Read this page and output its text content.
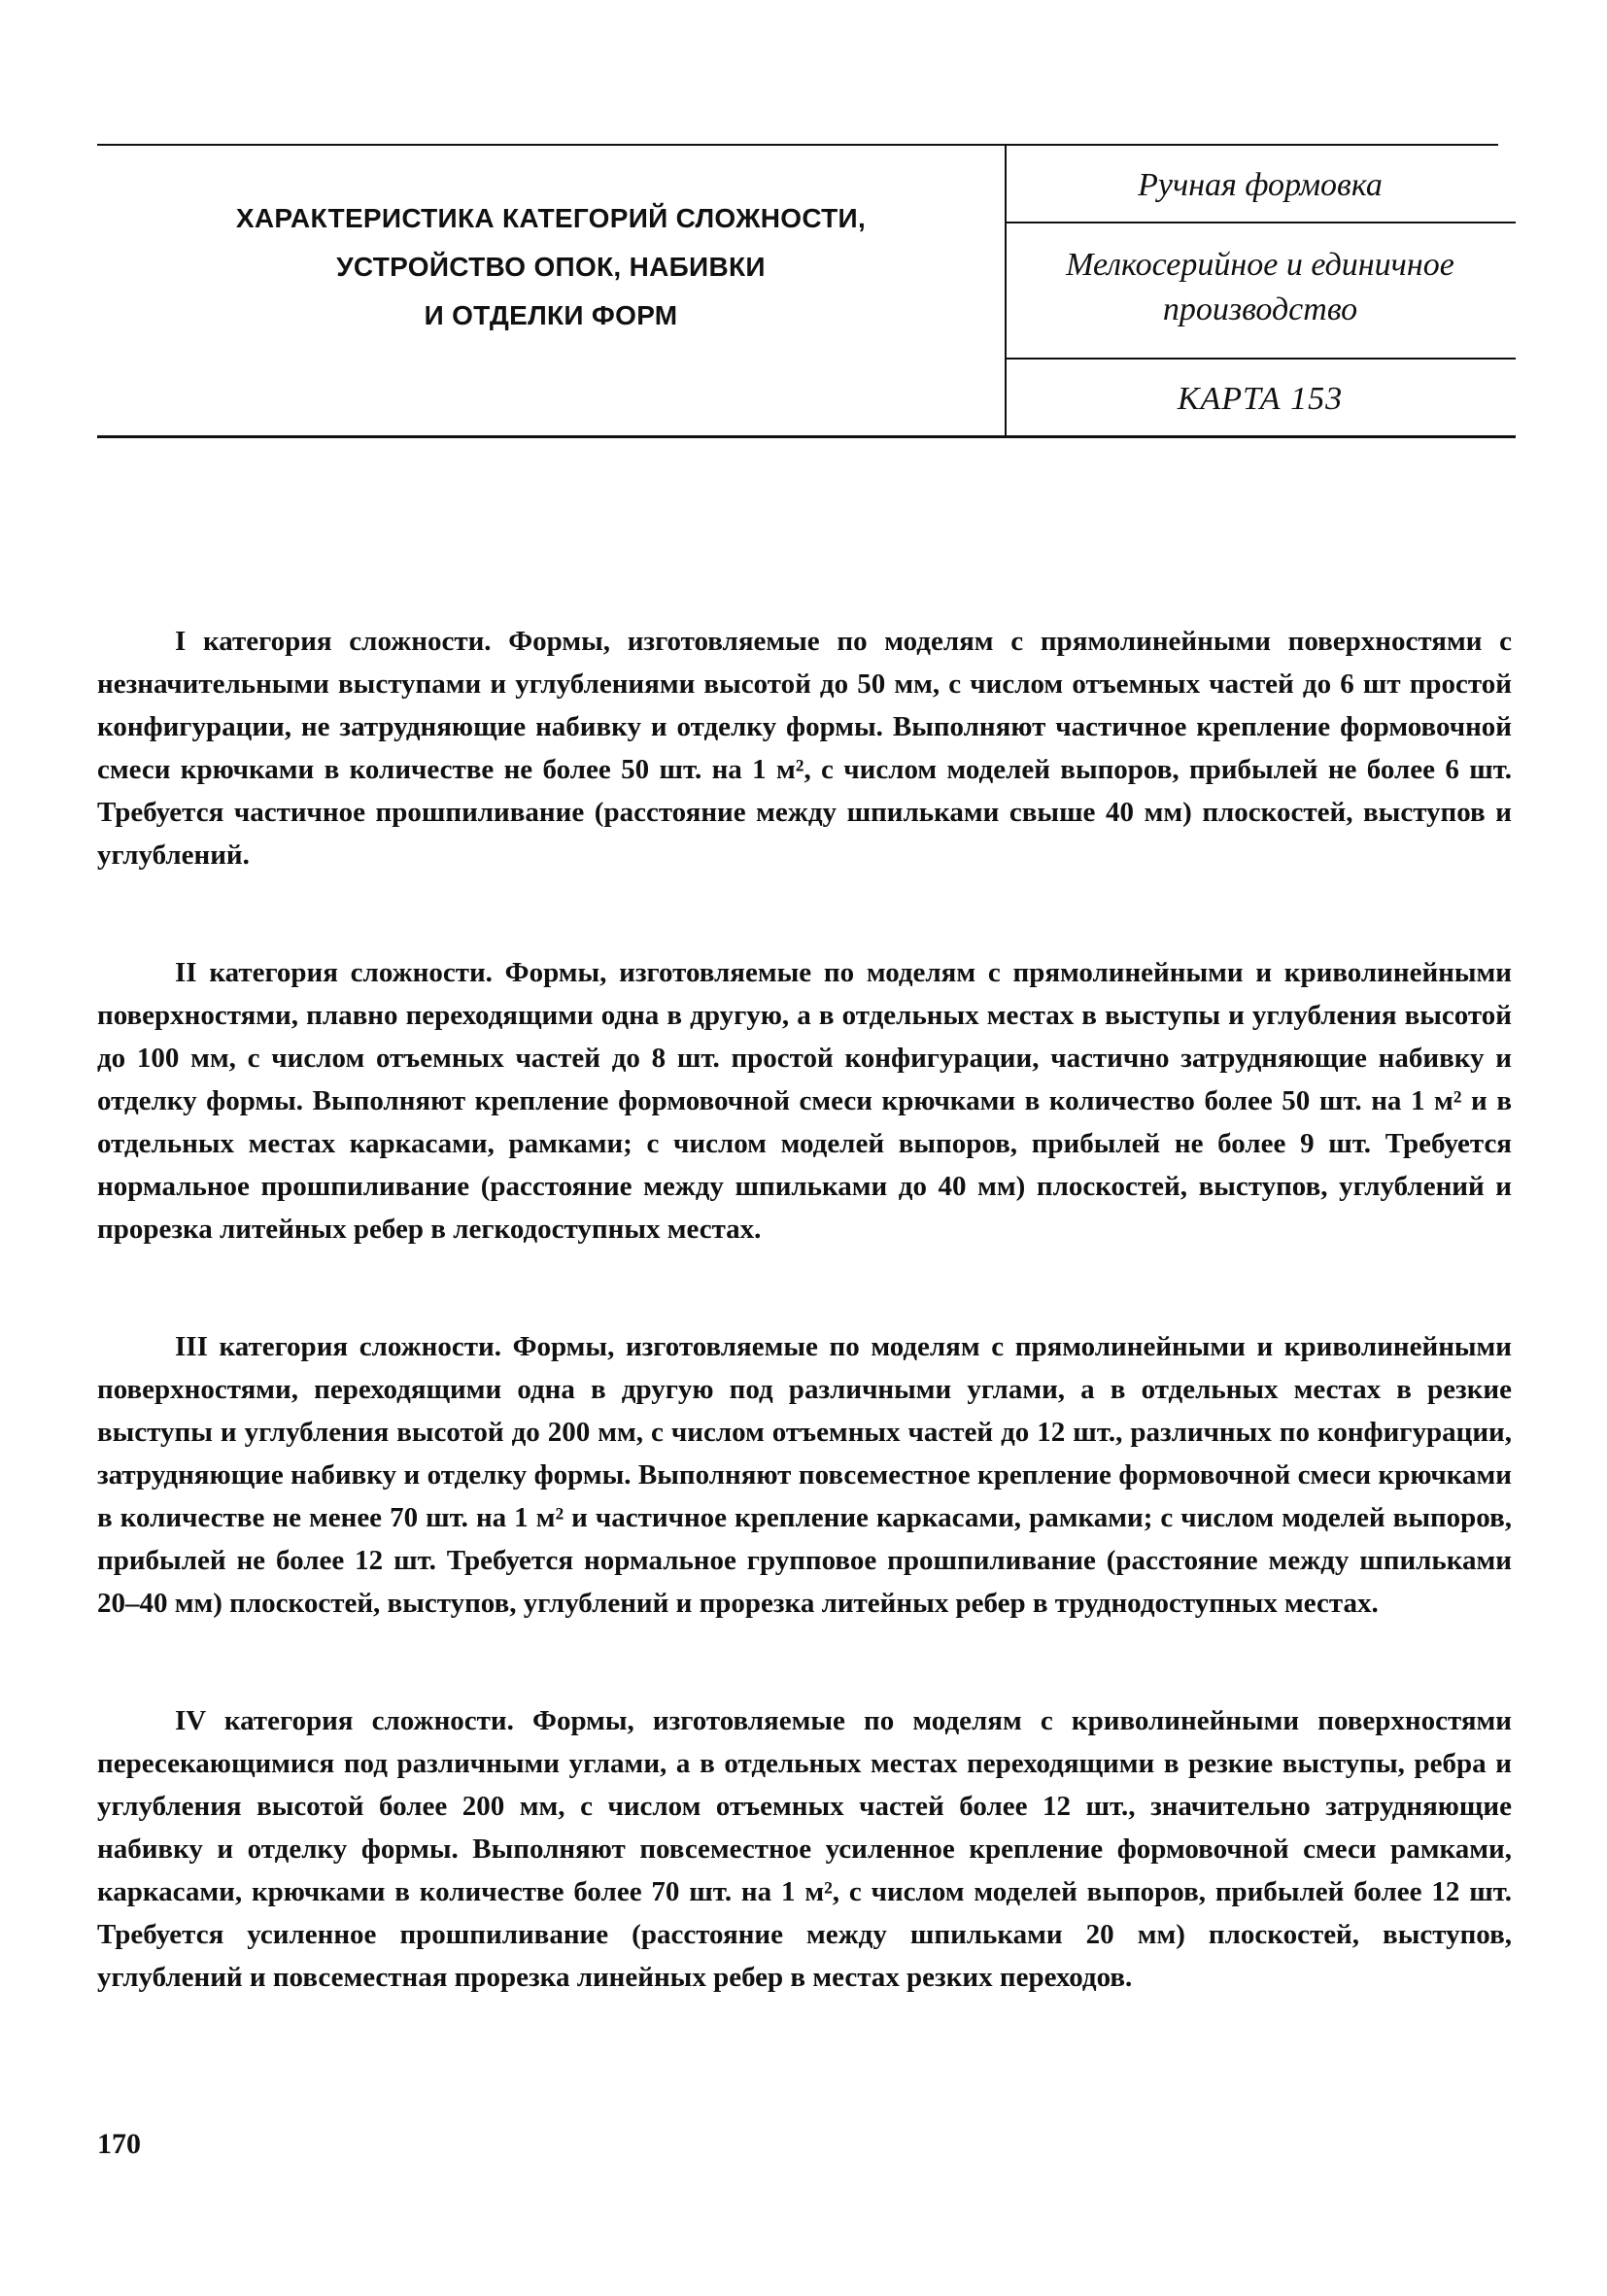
ХАРАКТЕРИСТИКА КАТЕГОРИЙ СЛОЖНОСТИ,
УСТРОЙСТВО ОПОК, НАБИВКИ
И ОТДЕЛКИ ФОРМ
Ручная формовка
Мелкосерийное и единичное
производство
КАРТА 153

I категория сложности. Формы, изготовляемые по моделям с прямолинейными поверхностями с незначительными выступами и углублениями высотой до 50 мм, с числом отъемных частей до 6 шт простой конфигурации, не затрудняющие набивку и отделку формы. Выполняют частичное крепление формовочной смеси крючками в количестве не более 50 шт. на 1 м², с числом моделей выпоров, прибылей не более 6 шт. Требуется частичное прошпиливание (расстояние между шпильками свыше 40 мм) плоскостей, выступов и углублений.

II категория сложности. Формы, изготовляемые по моделям с прямолинейными и криволинейными поверхностями, плавно переходящими одна в другую, а в отдельных местах в выступы и углубления высотой до 100 мм, с числом отъемных частей до 8 шт. простой конфигурации, частично затрудняющие набивку и отделку формы. Выполняют крепление формовочной смеси крючками в количество более 50 шт. на 1 м² и в отдельных местах каркасами, рамками; с числом моделей выпоров, прибылей не более 9 шт. Требуется нормальное прошпиливание (расстояние между шпильками до 40 мм) плоскостей, выступов, углублений и прорезка литейных ребер в легкодоступных местах.

III категория сложности. Формы, изготовляемые по моделям с прямолинейными и криволинейными поверхностями, переходящими одна в другую под различными углами, а в отдельных местах в резкие выступы и углубления высотой до 200 мм, с числом отъемных частей до 12 шт., различных по конфигурации, затрудняющие набивку и отделку формы. Выполняют повсеместное крепление формовочной смеси крючками в количестве не менее 70 шт. на 1 м² и частичное крепление каркасами, рамками; с числом моделей выпоров, прибылей не более 12 шт. Требуется нормальное групповое прошпиливание (расстояние между шпильками 20–40 мм) плоскостей, выступов, углублений и прорезка литейных ребер в труднодоступных местах.

IV категория сложности. Формы, изготовляемые по моделям с криволинейными поверхностями пересекающимися под различными углами, а в отдельных местах переходящими в резкие выступы, ребра и углубления высотой более 200 мм, с числом отъемных частей более 12 шт., значительно затрудняющие набивку и отделку формы. Выполняют повсеместное усиленное крепление формовочной смеси рамками, каркасами, крючками в количестве более 70 шт. на 1 м², с числом моделей выпоров, прибылей более 12 шт. Требуется усиленное прошпиливание (расстояние между шпильками 20 мм) плоскостей, выступов, углублений и повсеместная прорезка линейных ребер в местах резких переходов.

170
